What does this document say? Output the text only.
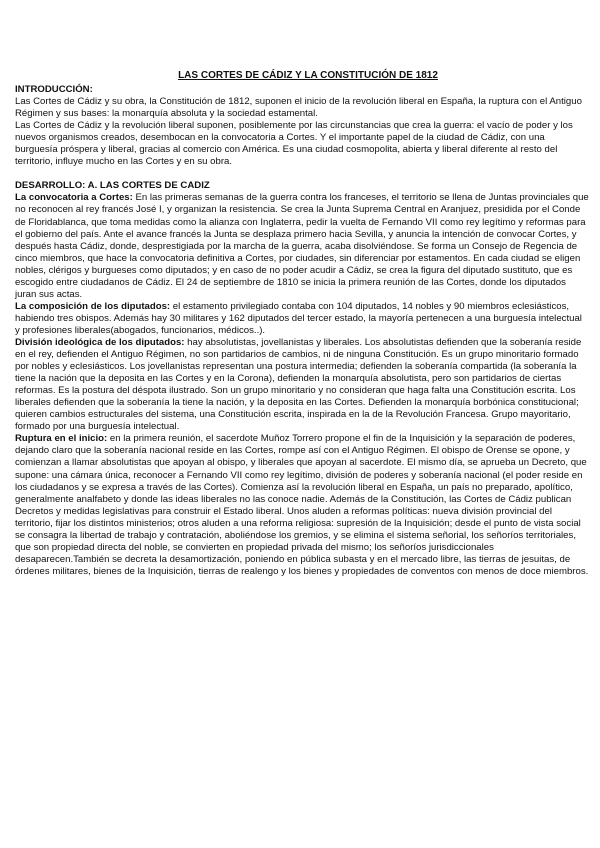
LAS CORTES DE CÁDIZ Y LA CONSTITUCIÓN DE 1812
INTRODUCCIÓN:

Las Cortes de Cádiz y su obra, la Constitución de 1812, suponen el inicio de la revolución liberal en España, la ruptura con el Antiguo Régimen y sus bases: la monarquía absoluta y la sociedad estamental.

Las Cortes de Cádiz y la revolución liberal suponen, posiblemente por las circunstancias que crea la guerra: el vacío de poder y los nuevos organismos creados, desembocan en la convocatoria a Cortes. Y el importante papel de la ciudad de Cádiz, con una burguesía próspera y liberal, gracias al comercio con América. Es una ciudad cosmopolita, abierta y liberal diferente al resto del territorio, influye mucho en las Cortes y en su obra.

DESARROLLO: A. LAS CORTES DE CADIZ

La convocatoria a Cortes: En las primeras semanas de la guerra contra los franceses, el territorio se llena de Juntas provinciales que no reconocen al rey francés José I, y organizan la resistencia. Se crea la Junta Suprema Central en Aranjuez, presidida por el Conde de Floridablanca, que toma medidas como la alianza con Inglaterra, pedir la vuelta de Fernando VII como rey legítimo y reformas para el gobierno del país. Ante el avance francés la Junta se desplaza primero hacia Sevilla, y anuncia la intención de convocar Cortes, y después hasta Cádiz, donde, desprestigiada por la marcha de la guerra, acaba disolviéndose. Se forma un Consejo de Regencia de cinco miembros, que hace la convocatoria definitiva a Cortes, por ciudades, sin diferenciar por estamentos. En cada ciudad se eligen nobles, clérigos y burgueses como diputados; y en caso de no poder acudir a Cádiz, se crea la figura del diputado sustituto, que es escogido entre ciudadanos de Cádiz. El 24 de septiembre de 1810 se inicia la primera reunión de las Cortes, donde los diputados juran sus actas.

La composición de los diputados: el estamento privilegiado contaba con 104 diputados, 14 nobles y 90 miembros eclesiásticos, habiendo tres obispos. Además hay 30 militares y 162 diputados del tercer estado, la mayoría pertenecen a una burguesía intelectual y profesiones liberales(abogados, funcionarios, médicos..).

División ideológica de los diputados: hay absolutistas, jovellanistas y liberales. Los absolutistas defienden que la soberanía reside en el rey, defienden el Antiguo Régimen, no son partidarios de cambios, ni de ninguna Constitución. Es un grupo minoritario formado por nobles y eclesiásticos. Los jovellanistas representan una postura intermedia; defienden la soberanía compartida (la soberanía la tiene la nación que la deposita en las Cortes y en la Corona), defienden la monarquía absolutista, pero son partidarios de ciertas reformas. Es la postura del déspota ilustrado. Son un grupo minoritario y no consideran que haga falta una Constitución escrita. Los liberales defienden que la soberanía la tiene la nación, y la deposita en las Cortes. Defienden la monarquía borbónica constitucional; quieren cambios estructurales del sistema, una Constitución escrita, inspirada en la de la Revolución Francesa. Grupo mayoritario, formado por una burguesía intelectual.

Ruptura en el inicio: en la primera reunión, el sacerdote Muñoz Torrero propone el fin de la Inquisición y la separación de poderes, dejando claro que la soberanía nacional reside en las Cortes, rompe así con el Antiguo Régimen. El obispo de Orense se opone, y comienzan a llamar absolutistas que apoyan al obispo, y liberales que apoyan al sacerdote. El mismo día, se aprueba un Decreto, que supone: una cámara única, reconocer a Fernando VII como rey legítimo, división de poderes y soberanía nacional (el poder reside en los ciudadanos y se expresa a través de las Cortes). Comienza así la revolución liberal en España, un país no preparado, apolítico, generalmente analfabeto y donde las ideas liberales no las conoce nadie. Además de la Constitución, las Cortes de Cádiz publican Decretos y medidas legislativas para construir el Estado liberal. Unos aluden a reformas políticas: nueva división provincial del territorio, fijar los distintos ministerios; otros aluden a una reforma religiosa: supresión de la Inquisición; desde el punto de vista social se consagra la libertad de trabajo y contratación, aboliéndose los gremios, y se elimina el sistema señorial, los señoríos territoriales, que son propiedad directa del noble, se convierten en propiedad privada del mismo; los señoríos jurisdiccionales desaparecen.También se decreta la desamortización, poniendo en pública subasta y en el mercado libre, las tierras de jesuitas, de órdenes militares, bienes de la Inquisición, tierras de realengo y los bienes y propiedades de conventos con menos de doce miembros.
